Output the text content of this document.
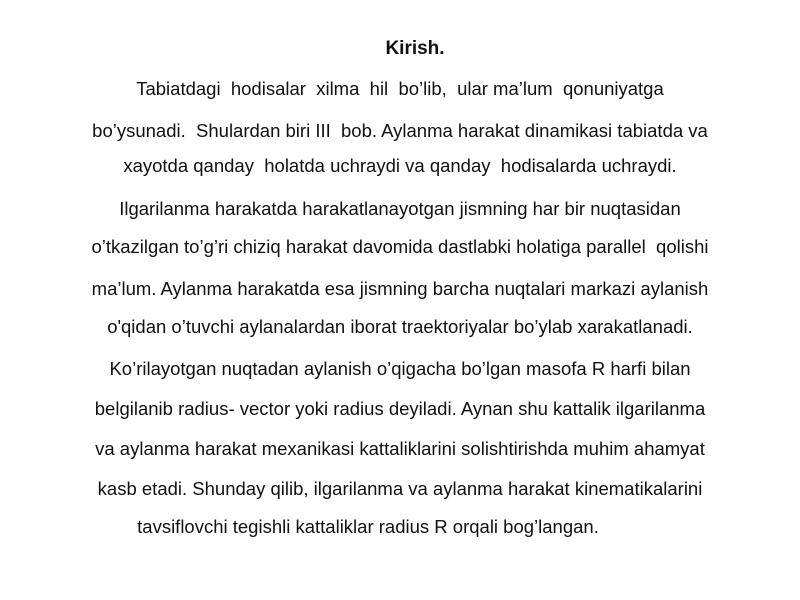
Kirish.
Tabiatdagi  hodisalar  xilma  hil  bo’lib,  ular ma’lum  qonuniyatga
bo’ysunadi.  Shulardan biri III  bob. Aylanma harakat dinamikasi tabiatda va
xayotda qanday  holatda uchraydi va qanday  hodisalarda uchraydi.
Ilgarilanma harakatda harakatlanayotgan jismning har bir nuqtasidan
o’tkazilgan to’g’ri chiziq harakat davomida dastlabki holatiga parallel  qolishi
ma’lum. Aylanma harakatda esa jismning barcha nuqtalari markazi aylanish
o'qidan o’tuvchi aylanalardan iborat traektoriyalar bo’ylab xarakatlanadi.
Ko’rilayotgan nuqtadan aylanish o’qigacha bo’lgan masofa R harfi bilan
belgilanib radius- vector yoki radius deyiladi. Aynan shu kattalik ilgarilanma
va aylanma harakat mexanikasi kattaliklarini solishtirishda muhim ahamyat
kasb etadi. Shunday qilib, ilgarilanma va aylanma harakat kinematikalarini
tavsiflovchi tegishli kattaliklar radius R orqali bog’langan.
